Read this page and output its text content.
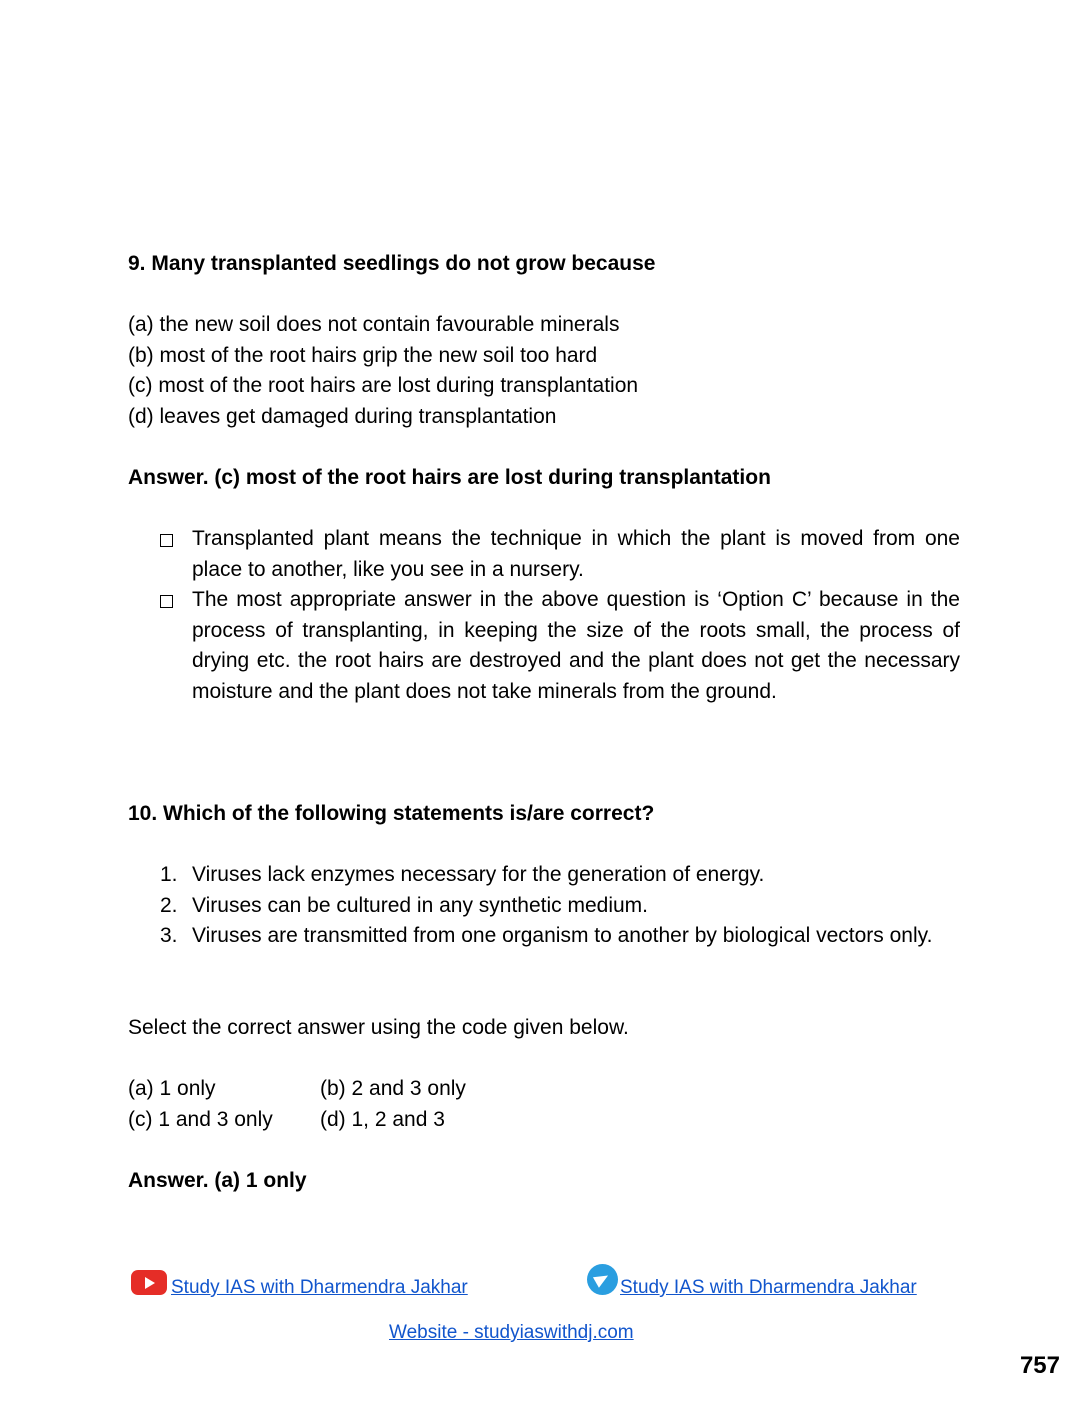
9. Many transplanted seedlings do not grow because
(a) the new soil does not contain favourable minerals
(b) most of the root hairs grip the new soil too hard
(c) most of the root hairs are lost during transplantation
(d) leaves get damaged during transplantation
Answer. (c) most of the root hairs are lost during transplantation
Transplanted plant means the technique in which the plant is moved from one place to another, like you see in a nursery.
The most appropriate answer in the above question is ‘Option C’ because in the process of transplanting, in keeping the size of the roots small, the process of drying etc. the root hairs are destroyed and the plant does not get the necessary moisture and the plant does not take minerals from the ground.
10. Which of the following statements is/are correct?
1. Viruses lack enzymes necessary for the generation of energy.
2. Viruses can be cultured in any synthetic medium.
3. Viruses are transmitted from one organism to another by biological vectors only.
Select the correct answer using the code given below.
(a) 1 only	(b) 2 and 3 only
(c) 1 and 3 only	(d) 1, 2 and 3
Answer. (a) 1 only
Study IAS with Dharmendra Jakhar	Study IAS with Dharmendra Jakhar
Website - studyiaswithdj.com
757
